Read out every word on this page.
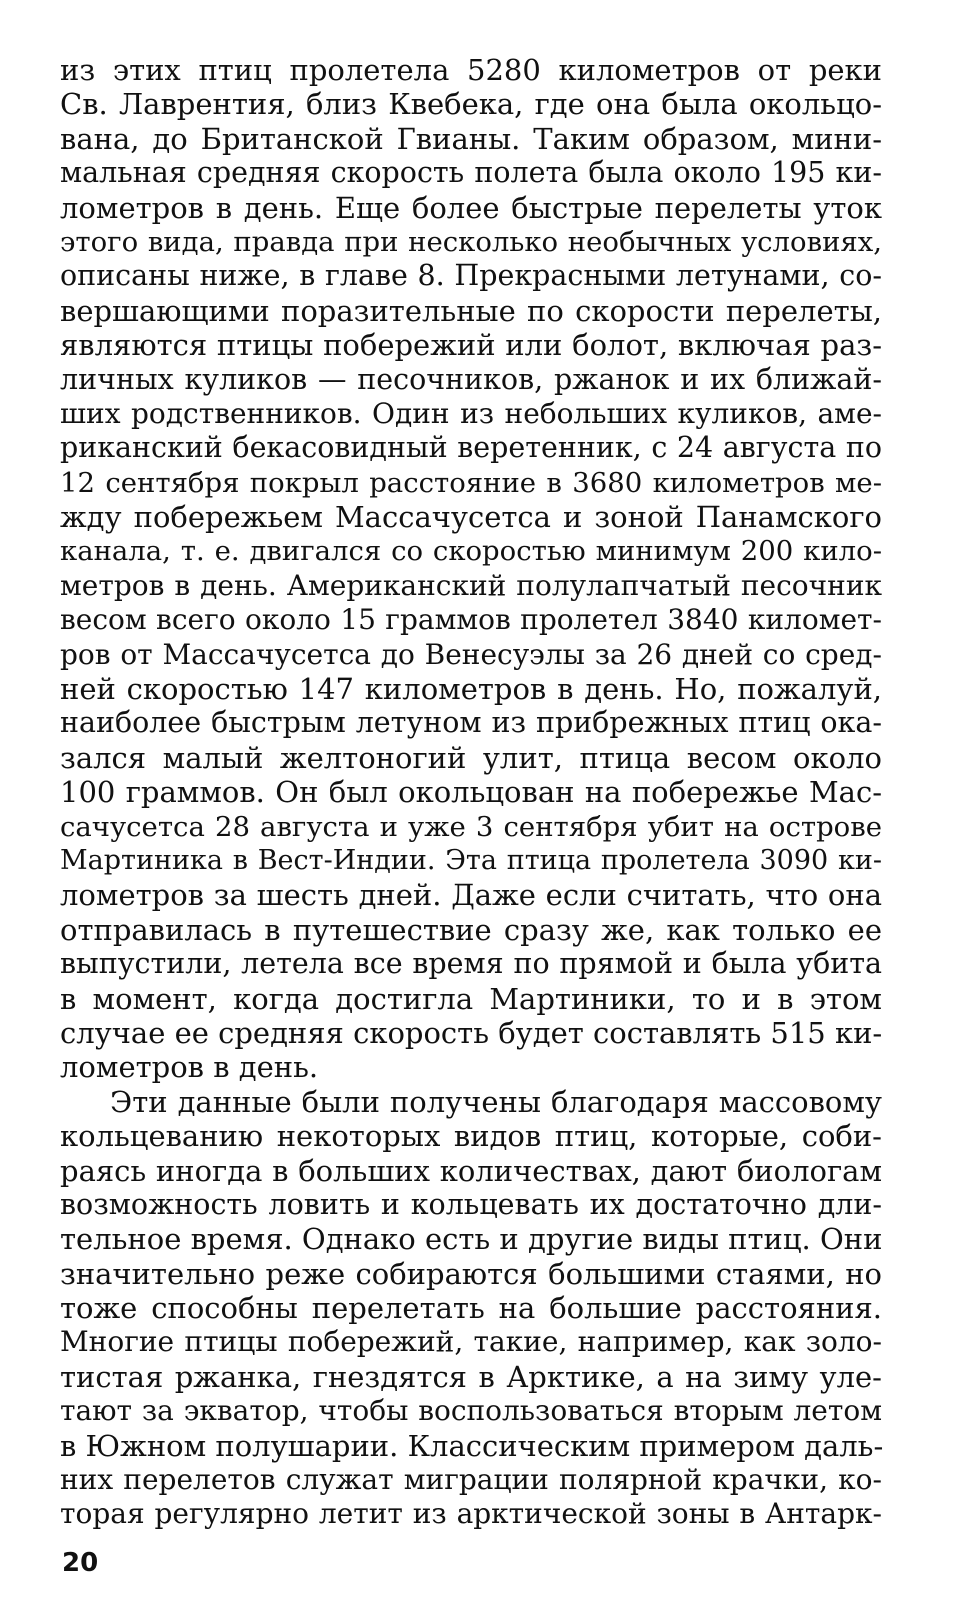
из этих птиц пролетела 5280 километров от реки
Св. Лаврентия, близ Квебека, где она была окольцо-
вана, до Британской Гвианы. Таким образом, мини-
мальная средняя скорость полета была около 195 ки-
лометров в день. Еще более быстрые перелеты уток
этого вида, правда при несколько необычных условиях,
описаны ниже, в главе 8. Прекрасными летунами, со-
вершающими поразительные по скорости перелеты,
являются птицы побережий или болот, включая раз-
личных куликов — песочников, ржанок и их ближай-
ших родственников. Один из небольших куликов, аме-
риканский бекасовидный веретенник, с 24 августа по
12 сентября покрыл расстояние в 3680 километров ме-
жду побережьем Массачусетса и зоной Панамского
канала, т. е. двигался со скоростью минимум 200 кило-
метров в день. Американский полулапчатый песочник
весом всего около 15 граммов пролетел 3840 километ-
ров от Массачусетса до Венесуэлы за 26 дней со сред-
ней скоростью 147 километров в день. Но, пожалуй,
наиболее быстрым летуном из прибрежных птиц ока-
зался малый желтоногий улит, птица весом около
100 граммов. Он был окольцован на побережье Мас-
сачусетса 28 августа и уже 3 сентября убит на острове
Мартиника в Вест-Индии. Эта птица пролетела 3090 ки-
лометров за шесть дней. Даже если считать, что она
отправилась в путешествие сразу же, как только ее
выпустили, летела все время по прямой и была убита
в момент, когда достигла Мартиники, то и в этом
случае ее средняя скорость будет составлять 515 ки-
лометров в день.
Эти данные были получены благодаря массовому
кольцеванию некоторых видов птиц, которые, соби-
раясь иногда в больших количествах, дают биологам
возможность ловить и кольцевать их достаточно дли-
тельное время. Однако есть и другие виды птиц. Они
значительно реже собираются большими стаями, но
тоже способны перелетать на большие расстояния.
Многие птицы побережий, такие, например, как золо-
тистая ржанка, гнездятся в Арктике, а на зиму уле-
тают за экватор, чтобы воспользоваться вторым летом
в Южном полушарии. Классическим примером даль-
них перелетов служат миграции полярной крачки, ко-
торая регулярно летит из арктической зоны в Антарк-
20
